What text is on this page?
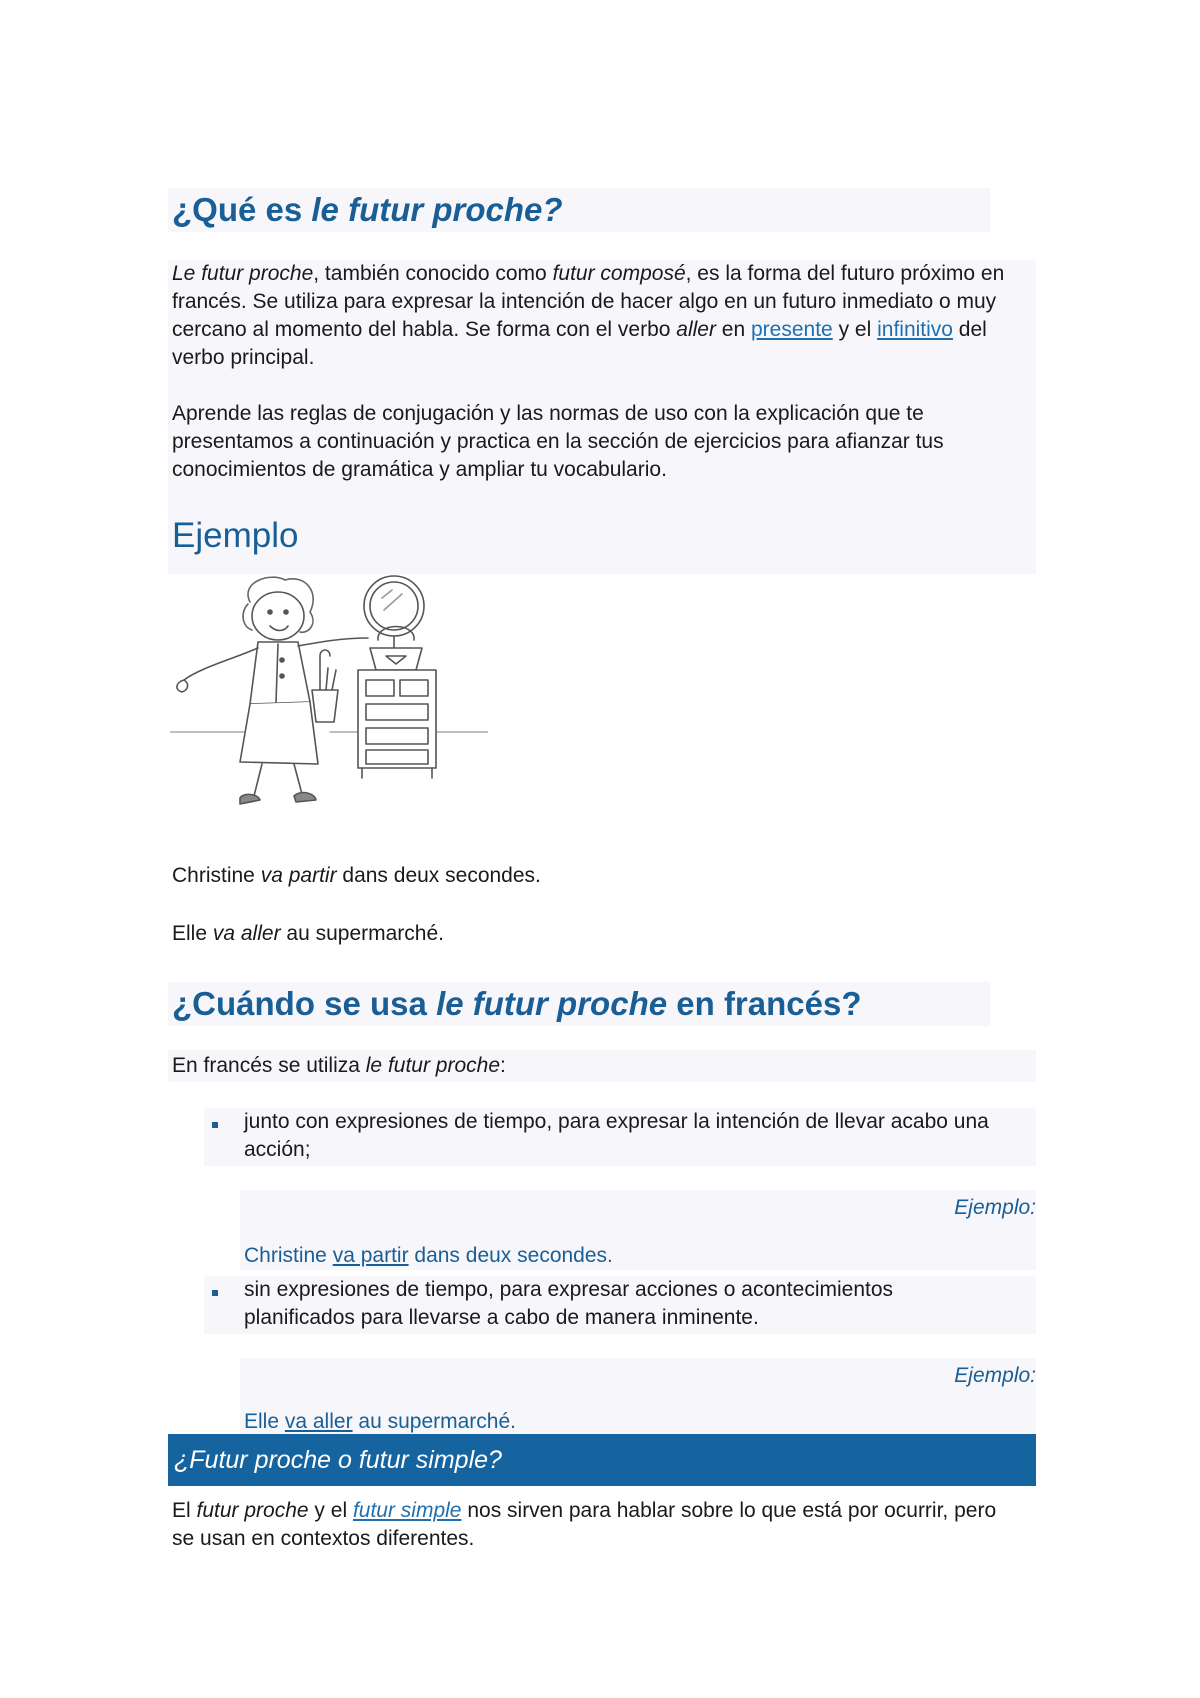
¿Qué es le futur proche?
Le futur proche, también conocido como futur composé, es la forma del futuro próximo en francés. Se utiliza para expresar la intención de hacer algo en un futuro inmediato o muy cercano al momento del habla. Se forma con el verbo aller en presente y el infinitivo del verbo principal.
Aprende las reglas de conjugación y las normas de uso con la explicación que te presentamos a continuación y practica en la sección de ejercicios para afianzar tus conocimientos de gramática y ampliar tu vocabulario.
Ejemplo
Christine va partir dans deux secondes.
Elle va aller au supermarché.
¿Cuándo se usa le futur proche en francés?
En francés se utiliza le futur proche:
junto con expresiones de tiempo, para expresar la intención de llevar acabo una acción;
Ejemplo:
Christine va partir dans deux secondes.
sin expresiones de tiempo, para expresar acciones o acontecimientos planificados para llevarse a cabo de manera inminente.
Ejemplo:
Elle va aller au supermarché.
¿Futur proche o futur simple?
El futur proche y el futur simple nos sirven para hablar sobre lo que está por ocurrir, pero se usan en contextos diferentes.
